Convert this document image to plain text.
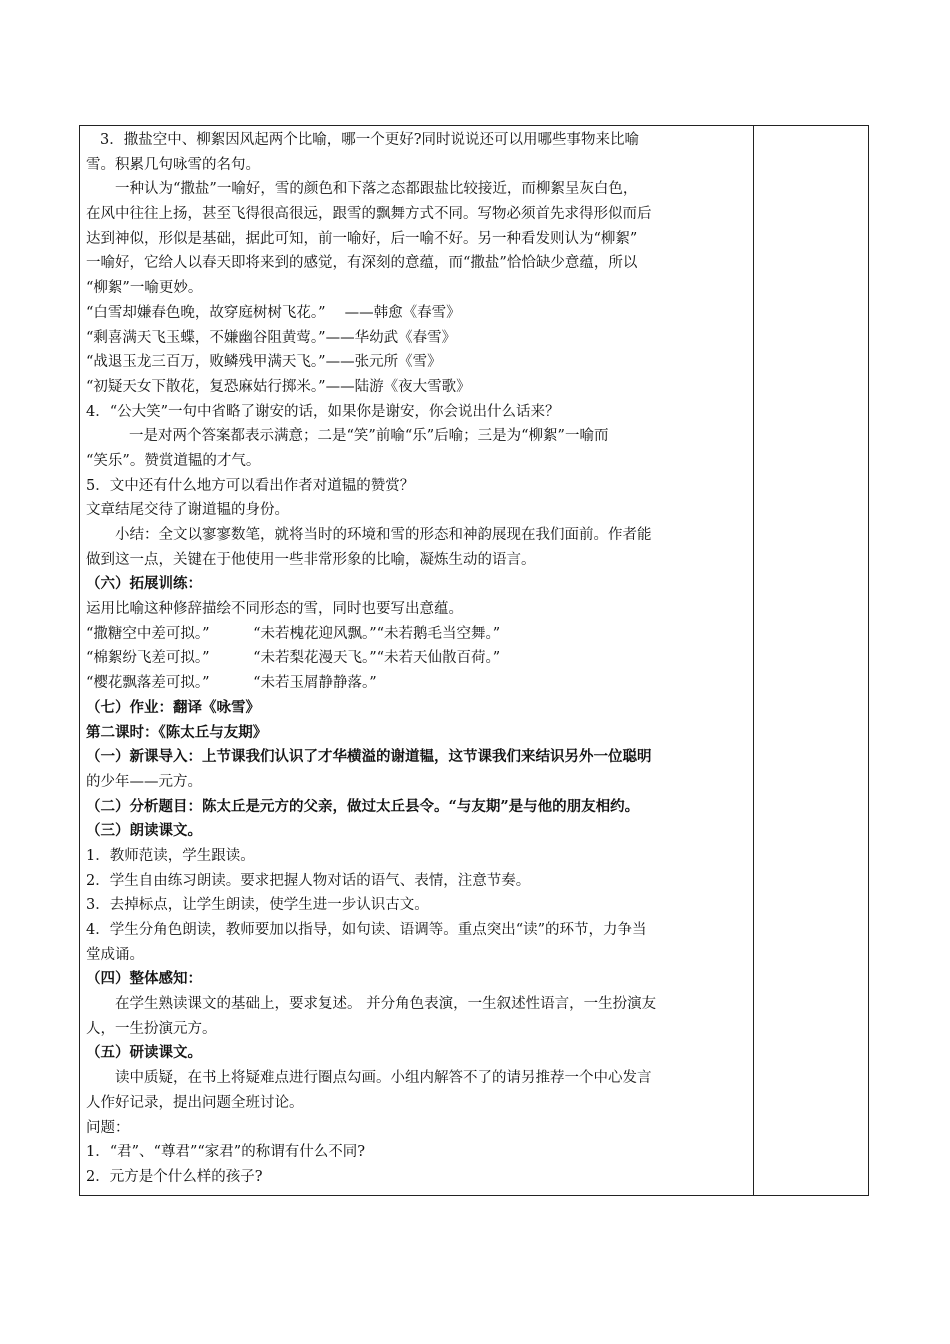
3．撒盐空中、柳絮因风起两个比喻，哪一个更好?同时说说还可以用哪些事物来比喻
雪。积累几句咏雪的名句。
一种认为“撒盐”一喻好，雪的颜色和下落之态都跟盐比较接近，而柳絮呈灰白色，
在风中往往上扬，甚至飞得很高很远，跟雪的飘舞方式不同。写物必须首先求得形似而后
达到神似，形似是基础，据此可知，前一喻好，后一喻不好。另一种看发则认为“柳絮”
一喻好，它给人以春天即将来到的感觉，有深刻的意蕴，而“撒盐”恰恰缺少意蕴，所以
“柳絮”一喻更妙。
“白雪却嫌春色晚，故穿庭树树飞花。”　 ——韩愈《春雪》
“剩喜满天飞玉蝶，不嫌幽谷阻黄莺。”——华幼武《春雪》
“战退玉龙三百万，败鳞残甲满天飞。”——张元所《雪》
“初疑天女下散花，复恐麻姑行掷米。”——陆游《夜大雪歌》
4．“公大笑”一句中省略了谢安的话，如果你是谢安，你会说出什么话来？
一是对两个答案都表示满意；二是“笑”前喻“乐”后喻；三是为“柳絮”一喻而
“笑乐”。赞赏道韫的才气。
5．文中还有什么地方可以看出作者对道韫的赞赏？
文章结尾交待了谢道韫的身份。
小结：全文以寥寥数笔，就将当时的环境和雪的形态和神韵展现在我们面前。作者能
做到这一点，关键在于他使用一些非常形象的比喻，凝炼生动的语言。
（六）拓展训练：
运用比喻这种修辞描绘不同形态的雪，同时也要写出意蕴。
“撒糖空中差可拟。”　　　“未若槐花迎风飘。”“未若鹅毛当空舞。”
“棉絮纷飞差可拟。”　　　“未若梨花漫天飞。”“未若天仙散百荷。”
“樱花飘落差可拟。”　　　“未若玉屑静静落。”
（七）作业：翻译《咏雪》
第二课时：《陈太丘与友期》
（一）新课导入：上节课我们认识了才华横溢的谢道韫，这节课我们来结识另外一位聪明
的少年——元方。
（二）分析题目：陈太丘是元方的父亲，做过太丘县令。“与友期”是与他的朋友相约。
（三）朗读课文。
1．教师范读，学生跟读。
2．学生自由练习朗读。要求把握人物对话的语气、表情，注意节奏。
3．去掉标点，让学生朗读，使学生进一步认识古文。
4．学生分角色朗读，教师要加以指导，如句读、语调等。重点突出“读”的环节，力争当
堂成诵。
（四）整体感知：
在学生熟读课文的基础上，要求复述。 并分角色表演，一生叙述性语言，一生扮演友
人，一生扮演元方。
（五）研读课文。
读中质疑，在书上将疑难点进行圈点勾画。小组内解答不了的请另推荐一个中心发言
人作好记录，提出问题全班讨论。
问题：
1．“君”、“尊君”“家君”的称谓有什么不同?
2．元方是个什么样的孩子?
